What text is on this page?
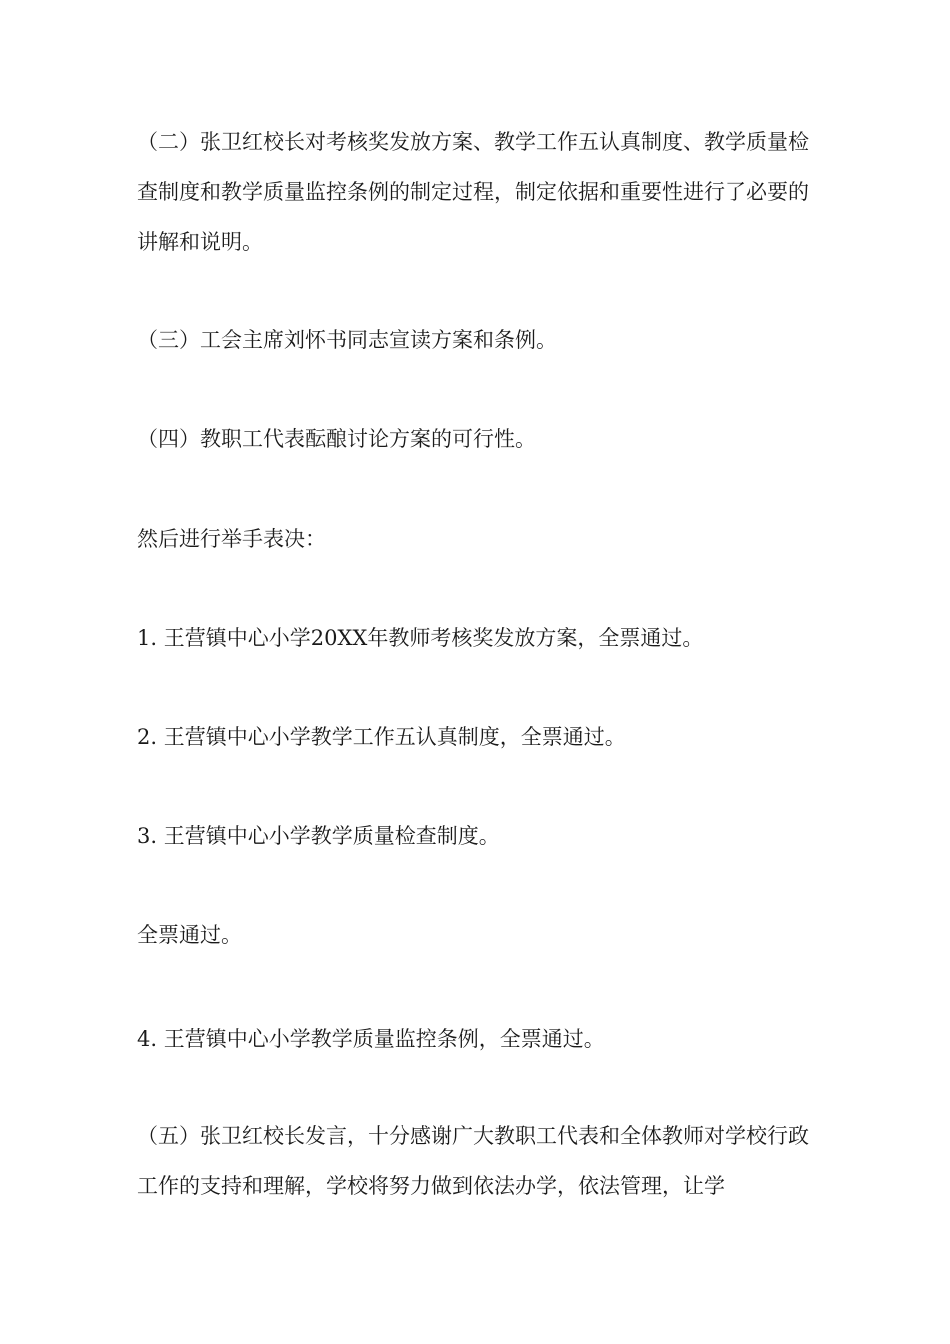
（二）张卫红校长对考核奖发放方案、教学工作五认真制度、教学质量检查制度和教学质量监控条例的制定过程，制定依据和重要性进行了必要的讲解和说明。

（三）工会主席刘怀书同志宣读方案和条例。

（四）教职工代表酝酿讨论方案的可行性。

然后进行举手表决：

1. 王营镇中心小学20XX年教师考核奖发放方案，全票通过。

2. 王营镇中心小学教学工作五认真制度，全票通过。

3. 王营镇中心小学教学质量检查制度。

全票通过。

4. 王营镇中心小学教学质量监控条例，全票通过。

（五）张卫红校长发言，十分感谢广大教职工代表和全体教师对学校行政工作的支持和理解，学校将努力做到依法办学，依法管理，让学
